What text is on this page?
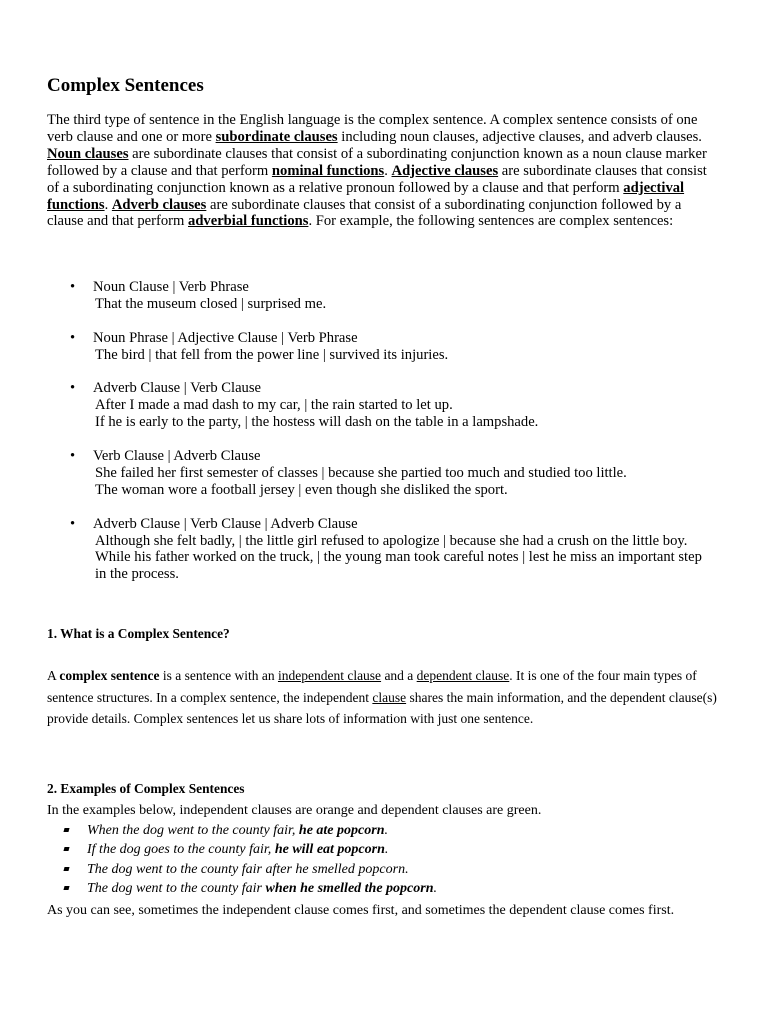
Complex Sentences

The third type of sentence in the English language is the complex sentence. A complex sentence consists of one verb clause and one or more subordinate clauses including noun clauses, adjective clauses, and adverb clauses. Noun clauses are subordinate clauses that consist of a subordinating conjunction known as a noun clause marker followed by a clause and that perform nominal functions. Adjective clauses are subordinate clauses that consist of a subordinating conjunction known as a relative pronoun followed by a clause and that perform adjectival functions. Adverb clauses are subordinate clauses that consist of a subordinating conjunction followed by a clause and that perform adverbial functions. For example, the following sentences are complex sentences:

• Noun Clause | Verb Phrase
That the museum closed | surprised me.
• Noun Phrase | Adjective Clause | Verb Phrase
The bird | that fell from the power line | survived its injuries.
• Adverb Clause | Verb Clause
After I made a mad dash to my car, | the rain started to let up.
If he is early to the party, | the hostess will dash on the table in a lampshade.
• Verb Clause | Adverb Clause
She failed her first semester of classes | because she partied too much and studied too little.
The woman wore a football jersey | even though she disliked the sport.
• Adverb Clause | Verb Clause | Adverb Clause
Although she felt badly, | the little girl refused to apologize | because she had a crush on the little boy.
While his father worked on the truck, | the young man took careful notes | lest he miss an important step in the process.
1. What is a Complex Sentence?

A complex sentence is a sentence with an independent clause and a dependent clause. It is one of the four main types of sentence structures. In a complex sentence, the independent clause shares the main information, and the dependent clause(s) provide details. Complex sentences let us share lots of information with just one sentence.

2. Examples of Complex Sentences

In the examples below, independent clauses are orange and dependent clauses are green.

When the dog went to the county fair, he ate popcorn.
If the dog goes to the county fair, he will eat popcorn.
The dog went to the county fair after he smelled popcorn.
The dog went to the county fair when he smelled the popcorn.

As you can see, sometimes the independent clause comes first, and sometimes the dependent clause comes first.
